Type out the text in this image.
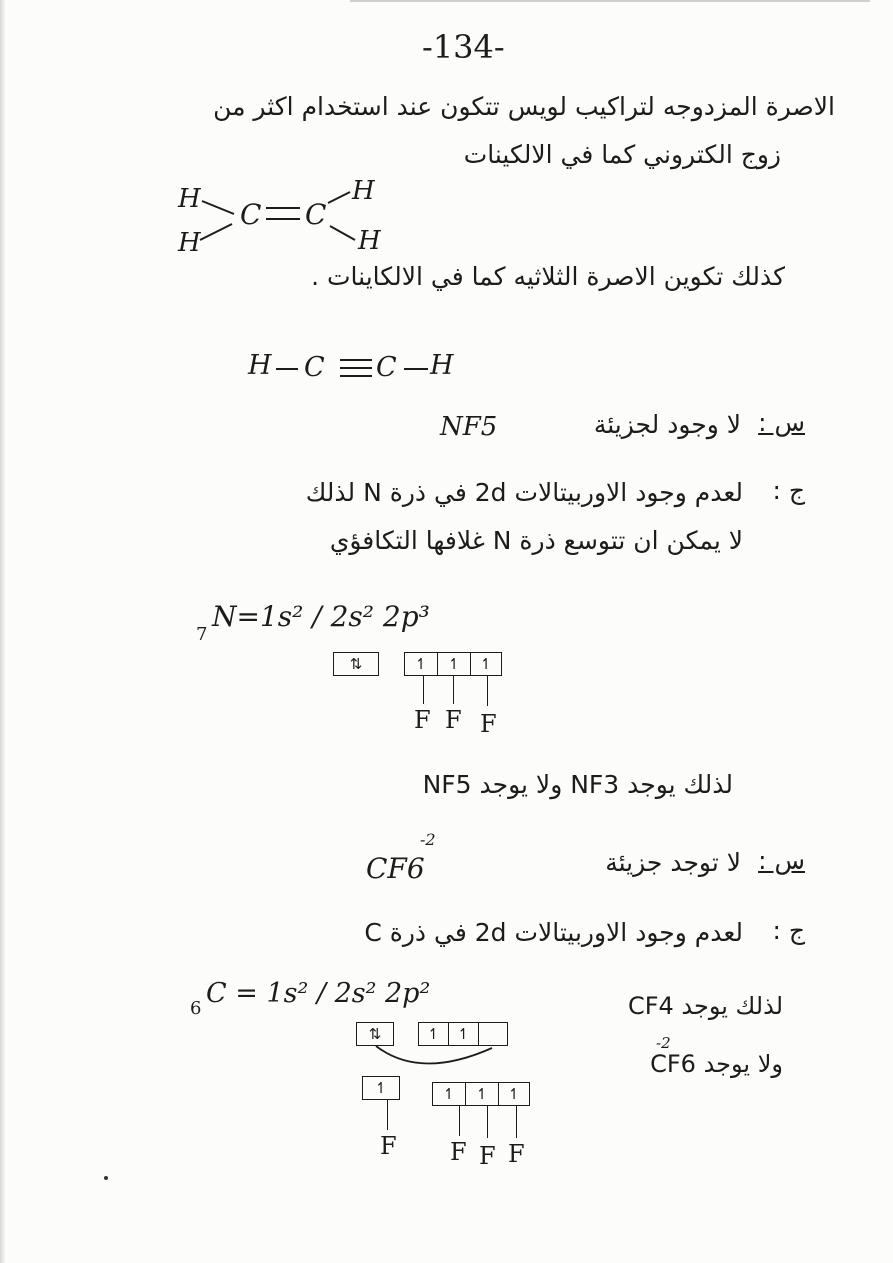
-134-
الاصرة المزدوجه لتراكيب لويس تتكون عند استخدام اكثر من
زوج الكتروني كما في الالكينات
H
H
C C
H
H
كذلك تكوين الاصرة الثلاثيه كما في الالكاينات .
H C C H
س :
لا وجود لجزيئة
NF5
ج :
لعدم وجود الاوربيتالات 2d في ذرة N لذلك
لا يمكن ان تتوسع ذرة N غلافها التكافؤي
7
N=1s² / 2s² 2p³
⇅	↿	↿	↿
F F F
لذلك يوجد NF3 ولا يوجد NF5
س :
لا توجد جزيئة
CF6
-2
ج :
لعدم وجود الاوربيتالات 2d في ذرة C
6 C = 1s² / 2s² 2p²
⇅	↿	↿
↿	↿	↿	↿
F F F F
لذلك يوجد CF4
ولا يوجد CF6
-2
